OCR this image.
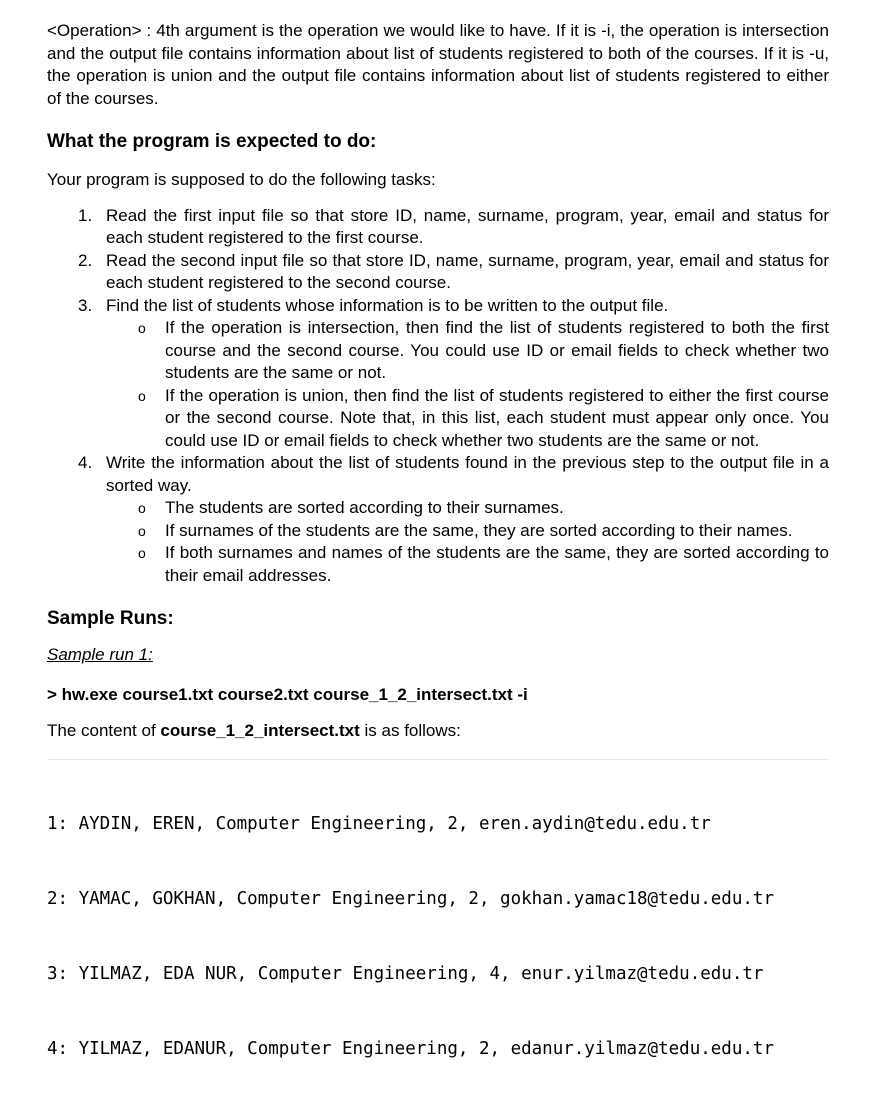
<Operation> : 4th argument is the operation we would like to have. If it is -i, the operation is intersection and the output file contains information about list of students registered to both of the courses. If it is -u, the operation is union and the output file contains information about list of students registered to either of the courses.

What the program is expected to do:

Your program is supposed to do the following tasks:

1. Read the first input file so that store ID, name, surname, program, year, email and status for each student registered to the first course.
2. Read the second input file so that store ID, name, surname, program, year, email and status for each student registered to the second course.
3. Find the list of students whose information is to be written to the output file.
o If the operation is intersection, then find the list of students registered to both the first course and the second course. You could use ID or email fields to check whether two students are the same or not.
o If the operation is union, then find the list of students registered to either the first course or the second course. Note that, in this list, each student must appear only once. You could use ID or email fields to check whether two students are the same or not.
4. Write the information about the list of students found in the previous step to the output file in a sorted way.
o The students are sorted according to their surnames.
o If surnames of the students are the same, they are sorted according to their names.
o If both surnames and names of the students are the same, they are sorted according to their email addresses.
Sample Runs:

Sample run 1:

> hw.exe course1.txt course2.txt course_1_2_intersect.txt -i

The content of course_1_2_intersect.txt is as follows:

1: AYDIN, EREN, Computer Engineering, 2, eren.aydin@tedu.edu.tr

2: YAMAC, GOKHAN, Computer Engineering, 2, gokhan.yamac18@tedu.edu.tr

3: YILMAZ, EDA NUR, Computer Engineering, 4, enur.yilmaz@tedu.edu.tr

4: YILMAZ, EDANUR, Computer Engineering, 2, edanur.yilmaz@tedu.edu.tr
